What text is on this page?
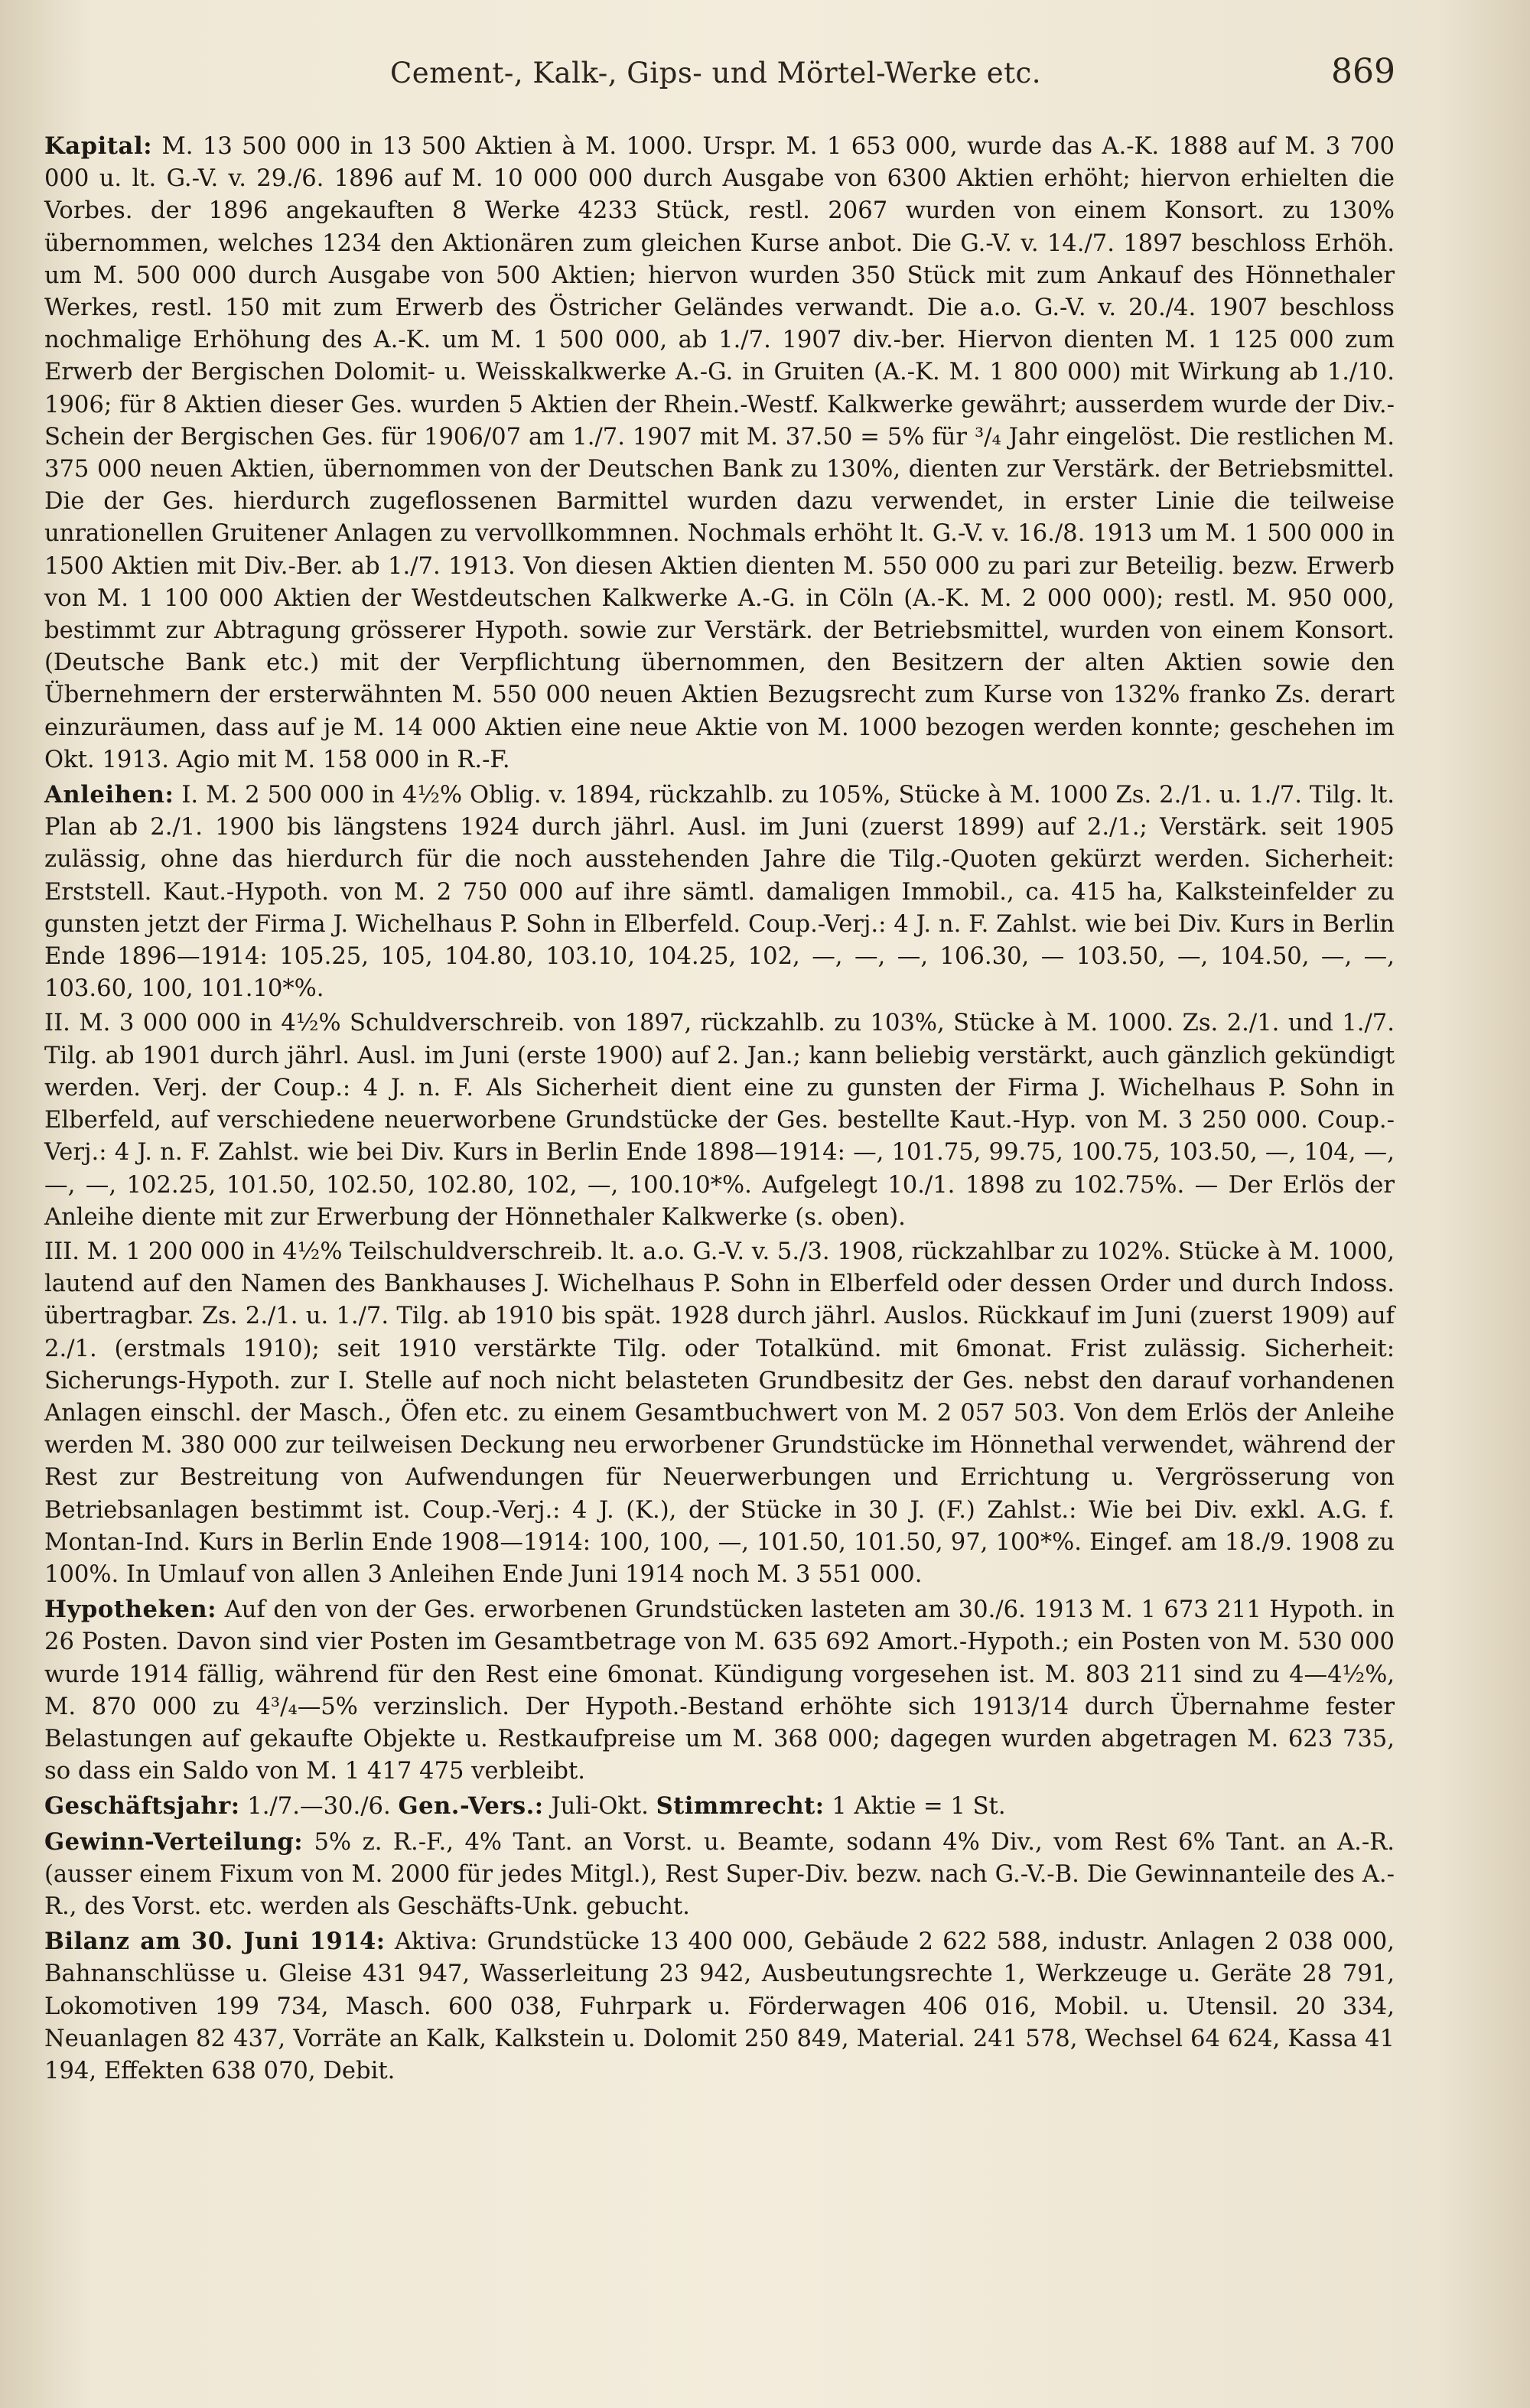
Cement-, Kalk-, Gips- und Mörtel-Werke etc.	869

Kapital: M. 13 500 000 in 13 500 Aktien à M. 1000. Urspr. M. 1 653 000, wurde das A.-K. 1888 auf M. 3 700 000 u. lt. G.-V. v. 29./6. 1896 auf M. 10 000 000 durch Ausgabe von 6300 Aktien erhöht; hiervon erhielten die Vorbes. der 1896 angekauften 8 Werke 4233 Stück, restl. 2067 wurden von einem Konsort. zu 130% übernommen, welches 1234 den Aktionären zum gleichen Kurse anbot. Die G.-V. v. 14./7. 1897 beschloss Erhöh. um M. 500 000 durch Ausgabe von 500 Aktien; hiervon wurden 350 Stück mit zum Ankauf des Hönnethaler Werkes, restl. 150 mit zum Erwerb des Östricher Geländes verwandt. Die a.o. G.-V. v. 20./4. 1907 beschloss nochmalige Erhöhung des A.-K. um M. 1 500 000, ab 1./7. 1907 div.-ber. Hiervon dienten M. 1 125 000 zum Erwerb der Bergischen Dolomit- u. Weisskalkwerke A.-G. in Gruiten (A.-K. M. 1 800 000) mit Wirkung ab 1./10. 1906; für 8 Aktien dieser Ges. wurden 5 Aktien der Rhein.-Westf. Kalkwerke gewährt; ausserdem wurde der Div.-Schein der Bergischen Ges. für 1906/07 am 1./7. 1907 mit M. 37.50 = 5% für ³/₄ Jahr eingelöst. Die restlichen M. 375 000 neuen Aktien, übernommen von der Deutschen Bank zu 130%, dienten zur Verstärk. der Betriebsmittel. Die der Ges. hierdurch zugeflossenen Barmittel wurden dazu verwendet, in erster Linie die teilweise unrationellen Gruitener Anlagen zu vervollkommnen. Nochmals erhöht lt. G.-V. v. 16./8. 1913 um M. 1 500 000 in 1500 Aktien mit Div.-Ber. ab 1./7. 1913. Von diesen Aktien dienten M. 550 000 zu pari zur Beteilig. bezw. Erwerb von M. 1 100 000 Aktien der Westdeutschen Kalkwerke A.-G. in Cöln (A.-K. M. 2 000 000); restl. M. 950 000, bestimmt zur Abtragung grösserer Hypoth. sowie zur Verstärk. der Betriebsmittel, wurden von einem Konsort. (Deutsche Bank etc.) mit der Verpflichtung übernommen, den Besitzern der alten Aktien sowie den Übernehmern der ersterwähnten M. 550 000 neuen Aktien Bezugsrecht zum Kurse von 132% franko Zs. derart einzuräumen, dass auf je M. 14 000 Aktien eine neue Aktie von M. 1000 bezogen werden konnte; geschehen im Okt. 1913. Agio mit M. 158 000 in R.-F.

Anleihen: I. M. 2 500 000 in 4½% Oblig. v. 1894, rückzahlb. zu 105%, Stücke à M. 1000 Zs. 2./1. u. 1./7. Tilg. lt. Plan ab 2./1. 1900 bis längstens 1924 durch jährl. Ausl. im Juni (zuerst 1899) auf 2./1.; Verstärk. seit 1905 zulässig, ohne das hierdurch für die noch ausstehenden Jahre die Tilg.-Quoten gekürzt werden. Sicherheit: Erststell. Kaut.-Hypoth. von M. 2 750 000 auf ihre sämtl. damaligen Immobil., ca. 415 ha, Kalksteinfelder zu gunsten jetzt der Firma J. Wichelhaus P. Sohn in Elberfeld. Coup.-Verj.: 4 J. n. F. Zahlst. wie bei Div. Kurs in Berlin Ende 1896—1914: 105.25, 105, 104.80, 103.10, 104.25, 102, —, —, —, 106.30, — 103.50, —, 104.50, —, —, 103.60, 100, 101.10*%.

II. M. 3 000 000 in 4½% Schuldverschreib. von 1897, rückzahlb. zu 103%, Stücke à M. 1000. Zs. 2./1. und 1./7. Tilg. ab 1901 durch jährl. Ausl. im Juni (erste 1900) auf 2. Jan.; kann beliebig verstärkt, auch gänzlich gekündigt werden. Verj. der Coup.: 4 J. n. F. Als Sicherheit dient eine zu gunsten der Firma J. Wichelhaus P. Sohn in Elberfeld, auf verschiedene neuerworbene Grundstücke der Ges. bestellte Kaut.-Hyp. von M. 3 250 000. Coup.-Verj.: 4 J. n. F. Zahlst. wie bei Div. Kurs in Berlin Ende 1898—1914: —, 101.75, 99.75, 100.75, 103.50, —, 104, —, —, —, 102.25, 101.50, 102.50, 102.80, 102, —, 100.10*%. Aufgelegt 10./1. 1898 zu 102.75%. — Der Erlös der Anleihe diente mit zur Erwerbung der Hönnethaler Kalkwerke (s. oben).

III. M. 1 200 000 in 4½% Teilschuldverschreib. lt. a.o. G.-V. v. 5./3. 1908, rückzahlbar zu 102%. Stücke à M. 1000, lautend auf den Namen des Bankhauses J. Wichelhaus P. Sohn in Elberfeld oder dessen Order und durch Indoss. übertragbar. Zs. 2./1. u. 1./7. Tilg. ab 1910 bis spät. 1928 durch jährl. Auslos. Rückkauf im Juni (zuerst 1909) auf 2./1. (erstmals 1910); seit 1910 verstärkte Tilg. oder Totalkünd. mit 6monat. Frist zulässig. Sicherheit: Sicherungs-Hypoth. zur I. Stelle auf noch nicht belasteten Grundbesitz der Ges. nebst den darauf vorhandenen Anlagen einschl. der Masch., Öfen etc. zu einem Gesamtbuchwert von M. 2 057 503. Von dem Erlös der Anleihe werden M. 380 000 zur teilweisen Deckung neu erworbener Grundstücke im Hönnethal verwendet, während der Rest zur Bestreitung von Aufwendungen für Neuerwerbungen und Errichtung u. Vergrösserung von Betriebsanlagen bestimmt ist. Coup.-Verj.: 4 J. (K.), der Stücke in 30 J. (F.) Zahlst.: Wie bei Div. exkl. A.G. f. Montan-Ind. Kurs in Berlin Ende 1908—1914: 100, 100, —, 101.50, 101.50, 97, 100*%. Eingef. am 18./9. 1908 zu 100%. In Umlauf von allen 3 Anleihen Ende Juni 1914 noch M. 3 551 000.

Hypotheken: Auf den von der Ges. erworbenen Grundstücken lasteten am 30./6. 1913 M. 1 673 211 Hypoth. in 26 Posten. Davon sind vier Posten im Gesamtbetrage von M. 635 692 Amort.-Hypoth.; ein Posten von M. 530 000 wurde 1914 fällig, während für den Rest eine 6monat. Kündigung vorgesehen ist. M. 803 211 sind zu 4—4½%, M. 870 000 zu 4³/₄—5% verzinslich. Der Hypoth.-Bestand erhöhte sich 1913/14 durch Übernahme fester Belastungen auf gekaufte Objekte u. Restkaufpreise um M. 368 000; dagegen wurden abgetragen M. 623 735, so dass ein Saldo von M. 1 417 475 verbleibt.

Geschäftsjahr: 1./7.—30./6. Gen.-Vers.: Juli-Okt. Stimmrecht: 1 Aktie = 1 St.

Gewinn-Verteilung: 5% z. R.-F., 4% Tant. an Vorst. u. Beamte, sodann 4% Div., vom Rest 6% Tant. an A.-R. (ausser einem Fixum von M. 2000 für jedes Mitgl.), Rest Super-Div. bezw. nach G.-V.-B. Die Gewinnanteile des A.-R., des Vorst. etc. werden als Geschäfts-Unk. gebucht.

Bilanz am 30. Juni 1914: Aktiva: Grundstücke 13 400 000, Gebäude 2 622 588, industr. Anlagen 2 038 000, Bahnanschlüsse u. Gleise 431 947, Wasserleitung 23 942, Ausbeutungsrechte 1, Werkzeuge u. Geräte 28 791, Lokomotiven 199 734, Masch. 600 038, Fuhrpark u. Förderwagen 406 016, Mobil. u. Utensil. 20 334, Neuanlagen 82 437, Vorräte an Kalk, Kalkstein u. Dolomit 250 849, Material. 241 578, Wechsel 64 624, Kassa 41 194, Effekten 638 070, Debit.
